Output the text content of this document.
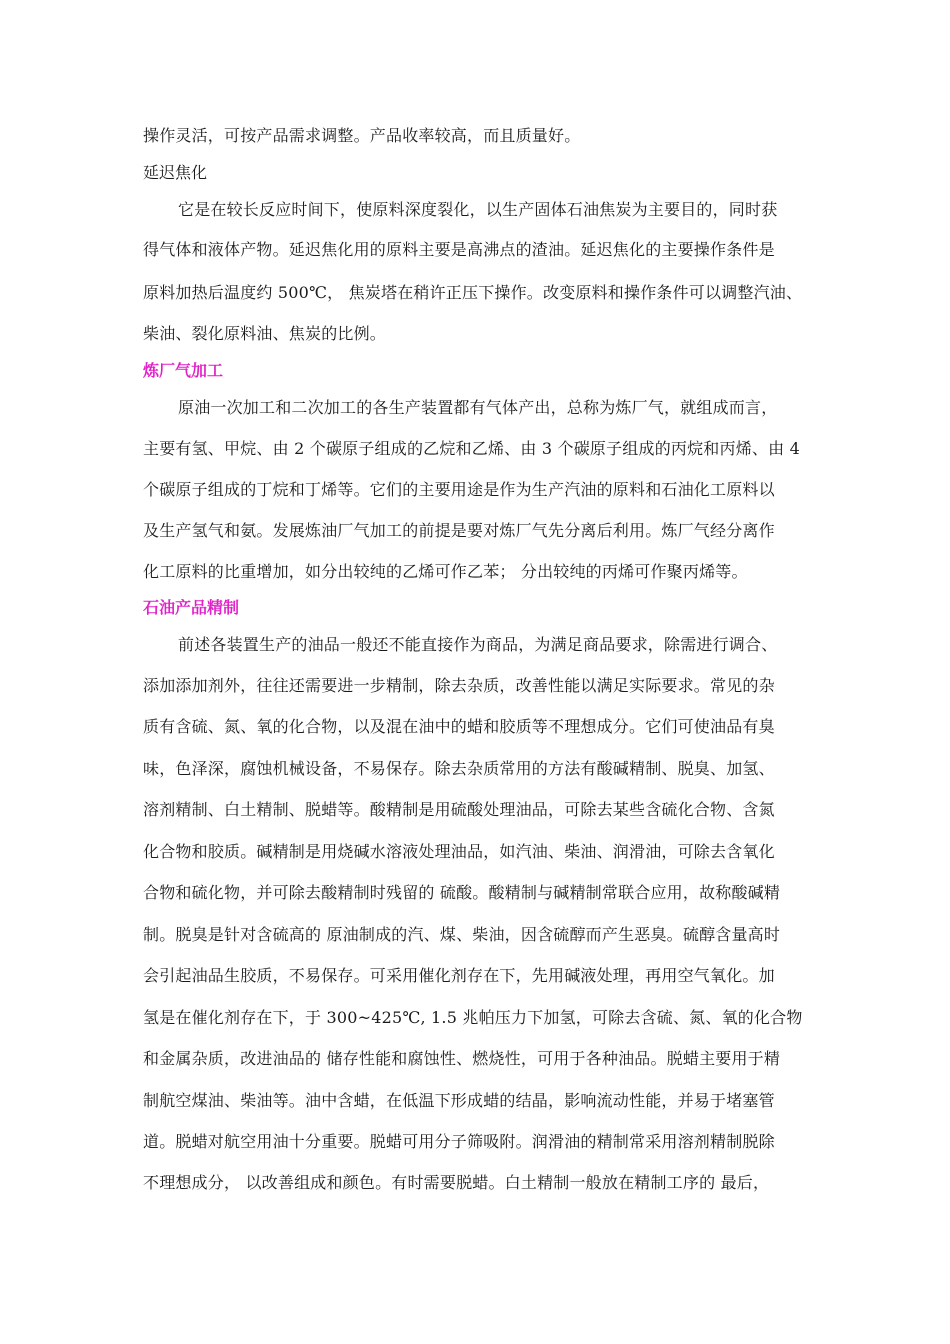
操作灵活，可按产品需求调整。产品收率较高，而且质量好。
延迟焦化
它是在较长反应时间下，使原料深度裂化，以生产固体石油焦炭为主要目的，同时获
得气体和液体产物。延迟焦化用的原料主要是高沸点的渣油。延迟焦化的主要操作条件是
原料加热后温度约 500℃， 焦炭塔在稍许正压下操作。改变原料和操作条件可以调整汽油、
柴油、裂化原料油、焦炭的比例。
炼厂气加工
原油一次加工和二次加工的各生产装置都有气体产出，总称为炼厂气，就组成而言，
主要有氢、甲烷、由 2 个碳原子组成的乙烷和乙烯、由 3 个碳原子组成的丙烷和丙烯、由 4
个碳原子组成的丁烷和丁烯等。它们的主要用途是作为生产汽油的原料和石油化工原料以
及生产氢气和氨。发展炼油厂气加工的前提是要对炼厂气先分离后利用。炼厂气经分离作
化工原料的比重增加，如分出较纯的乙烯可作乙苯； 分出较纯的丙烯可作聚丙烯等。
石油产品精制
前述各装置生产的油品一般还不能直接作为商品，为满足商品要求，除需进行调合、
添加添加剂外，往往还需要进一步精制，除去杂质，改善性能以满足实际要求。常见的杂
质有含硫、氮、氧的化合物，以及混在油中的蜡和胶质等不理想成分。它们可使油品有臭
味，色泽深，腐蚀机械设备，不易保存。除去杂质常用的方法有酸碱精制、脱臭、加氢、
溶剂精制、白土精制、脱蜡等。酸精制是用硫酸处理油品，可除去某些含硫化合物、含氮
化合物和胶质。碱精制是用烧碱水溶液处理油品，如汽油、柴油、润滑油，可除去含氧化
合物和硫化物，并可除去酸精制时残留的 硫酸。酸精制与碱精制常联合应用，故称酸碱精
制。脱臭是针对含硫高的 原油制成的汽、煤、柴油，因含硫醇而产生恶臭。硫醇含量高时
会引起油品生胶质，不易保存。可采用催化剂存在下，先用碱液处理，再用空气氧化。加
氢是在催化剂存在下，于 300~425℃, 1.5 兆帕压力下加氢，可除去含硫、氮、氧的化合物
和金属杂质，改进油品的 储存性能和腐蚀性、燃烧性，可用于各种油品。脱蜡主要用于精
制航空煤油、柴油等。油中含蜡，在低温下形成蜡的结晶，影响流动性能，并易于堵塞管
道。脱蜡对航空用油十分重要。脱蜡可用分子筛吸附。润滑油的精制常采用溶剂精制脱除
不理想成分， 以改善组成和颜色。有时需要脱蜡。白土精制一般放在精制工序的 最后，
